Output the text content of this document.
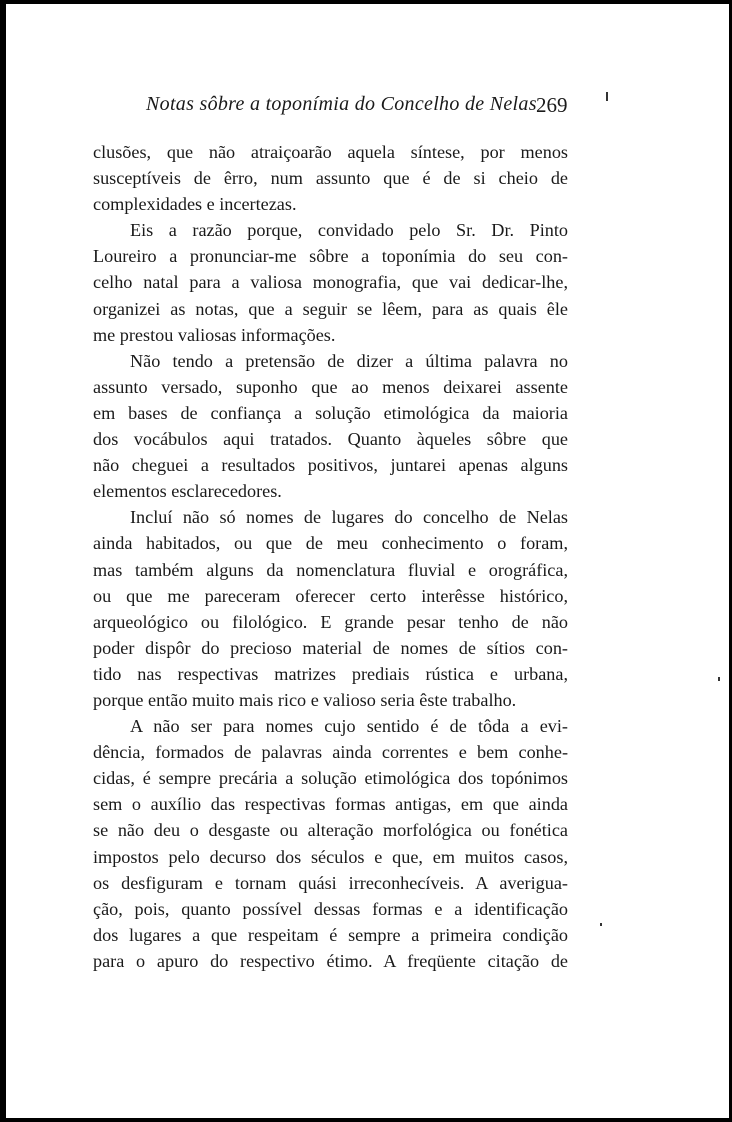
Notas sôbre a toponímia do Concelho de Nelas 269

clusões, que não atraiçoarão aquela síntese, por menos
susceptíveis de êrro, num assunto que é de si cheio de
complexidades e incertezas.

Eis a razão porque, convidado pelo Sr. Dr. Pinto
Loureiro a pronunciar-me sôbre a toponímia do seu con-
celho natal para a valiosa monografia, que vai dedicar-lhe,
organizei as notas, que a seguir se lêem, para as quais êle
me prestou valiosas informações.

Não tendo a pretensão de dizer a última palavra no
assunto versado, suponho que ao menos deixarei assente
em bases de confiança a solução etimológica da maioria
dos vocábulos aqui tratados. Quanto àqueles sôbre que
não cheguei a resultados positivos, juntarei apenas alguns
elementos esclarecedores.

Incluí não só nomes de lugares do concelho de Nelas
ainda habitados, ou que de meu conhecimento o foram,
mas também alguns da nomenclatura fluvial e orográfica,
ou que me pareceram oferecer certo interêsse histórico,
arqueológico ou filológico. E grande pesar tenho de não
poder dispôr do precioso material de nomes de sítios con-
tido nas respectivas matrizes prediais rústica e urbana,
porque então muito mais rico e valioso seria êste trabalho.

A não ser para nomes cujo sentido é de tôda a evi-
dência, formados de palavras ainda correntes e bem conhe-
cidas, é sempre precária a solução etimológica dos topónimos
sem o auxílio das respectivas formas antigas, em que ainda
se não deu o desgaste ou alteração morfológica ou fonética
impostos pelo decurso dos séculos e que, em muitos casos,
os desfiguram e tornam quási irreconhecíveis. A averigua-
ção, pois, quanto possível dessas formas e a identificação
dos lugares a que respeitam é sempre a primeira condição
para o apuro do respectivo étimo. A freqüente citação de
